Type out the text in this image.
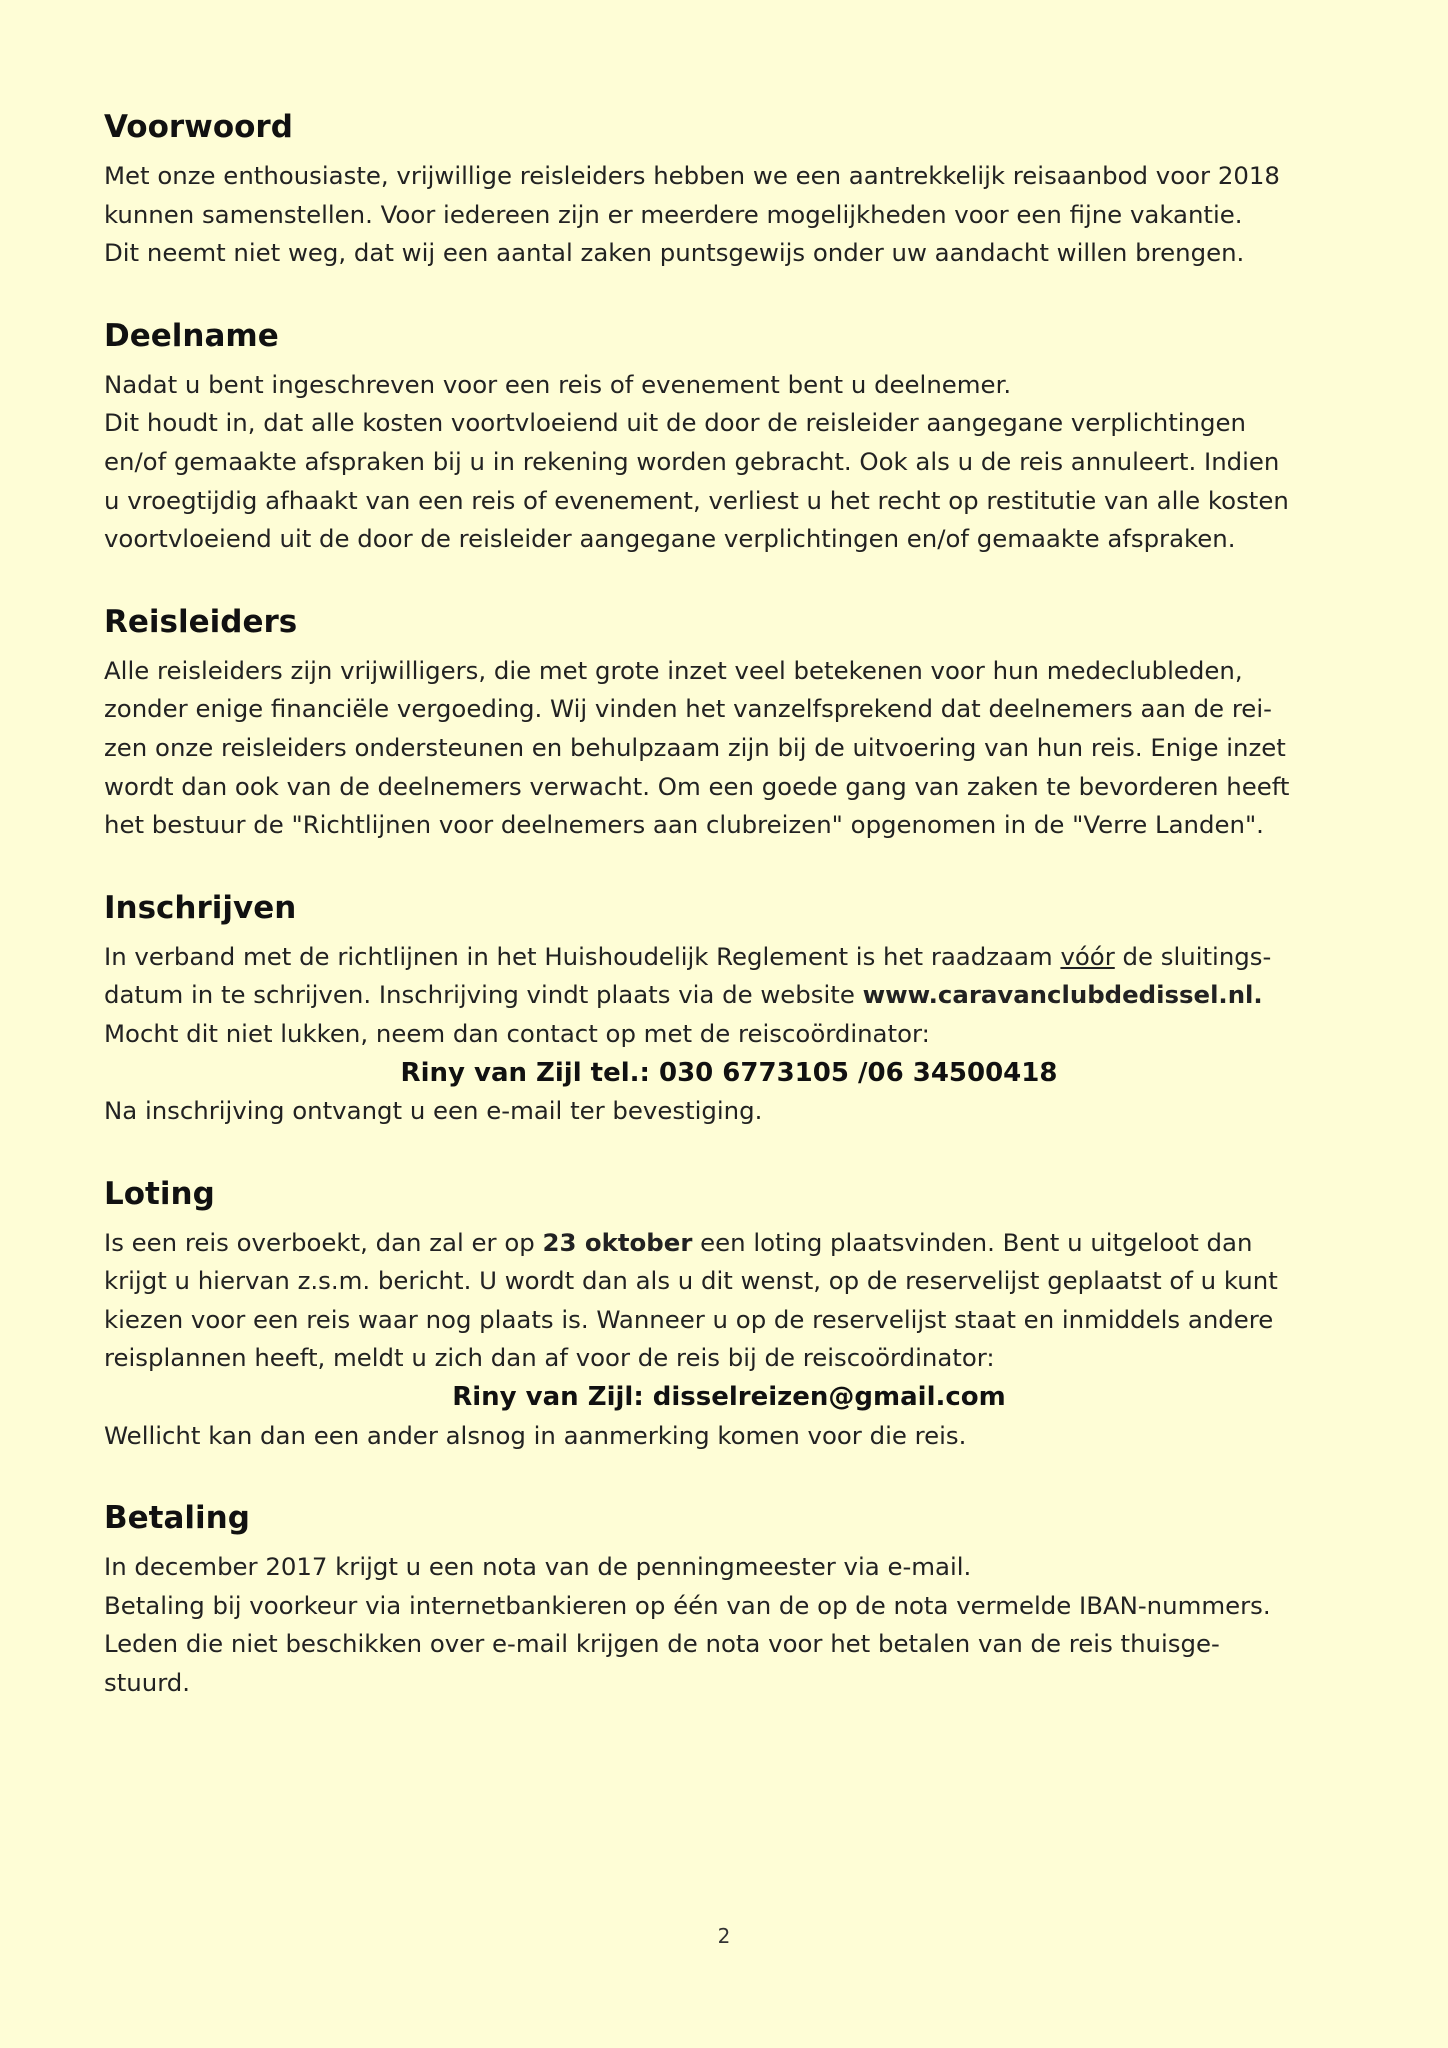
Voorwoord

Met onze enthousiaste, vrijwillige reisleiders hebben we een aantrekkelijk reisaanbod voor 2018
kunnen samenstellen. Voor iedereen zijn er meerdere mogelijkheden voor een fijne vakantie.
Dit neemt niet weg, dat wij een aantal zaken puntsgewijs onder uw aandacht willen brengen.

Deelname

Nadat u bent ingeschreven voor een reis of evenement bent u deelnemer.
Dit houdt in, dat alle kosten voortvloeiend uit de door de reisleider aangegane verplichtingen
en/of gemaakte afspraken bij u in rekening worden gebracht. Ook als u de reis annuleert. Indien
u vroegtijdig afhaakt van een reis of evenement, verliest u het recht op restitutie van alle kosten
voortvloeiend uit de door de reisleider aangegane verplichtingen en/of gemaakte afspraken.

Reisleiders

Alle reisleiders zijn vrijwilligers, die met grote inzet veel betekenen voor hun medeclubleden,
zonder enige financiële vergoeding. Wij vinden het vanzelfsprekend dat deelnemers aan de rei-
zen onze reisleiders ondersteunen en behulpzaam zijn bij de uitvoering van hun reis. Enige inzet
wordt dan ook van de deelnemers verwacht. Om een goede gang van zaken te bevorderen heeft
het bestuur de "Richtlijnen voor deelnemers aan clubreizen" opgenomen in de "Verre Landen".

Inschrijven

In verband met de richtlijnen in het Huishoudelijk Reglement is het raadzaam vóór de sluitings-
datum in te schrijven. Inschrijving vindt plaats via de website www.caravanclubdedissel.nl.
Mocht dit niet lukken, neem dan contact op met de reiscoördinator:

Riny van Zijl tel.: 030 6773105 /06 34500418

Na inschrijving ontvangt u een e-mail ter bevestiging.

Loting

Is een reis overboekt, dan zal er op 23 oktober een loting plaatsvinden. Bent u uitgeloot dan
krijgt u hiervan z.s.m. bericht. U wordt dan als u dit wenst, op de reservelijst geplaatst of u kunt
kiezen voor een reis waar nog plaats is. Wanneer u op de reservelijst staat en inmiddels andere
reisplannen heeft, meldt u zich dan af voor de reis bij de reiscoördinator:

Riny van Zijl: disselreizen@gmail.com

Wellicht kan dan een ander alsnog in aanmerking komen voor die reis.

Betaling

In december 2017 krijgt u een nota van de penningmeester via e-mail.
Betaling bij voorkeur via internetbankieren op één van de op de nota vermelde IBAN-nummers.
Leden die niet beschikken over e-mail krijgen de nota voor het betalen van de reis thuisge-
stuurd.

2
